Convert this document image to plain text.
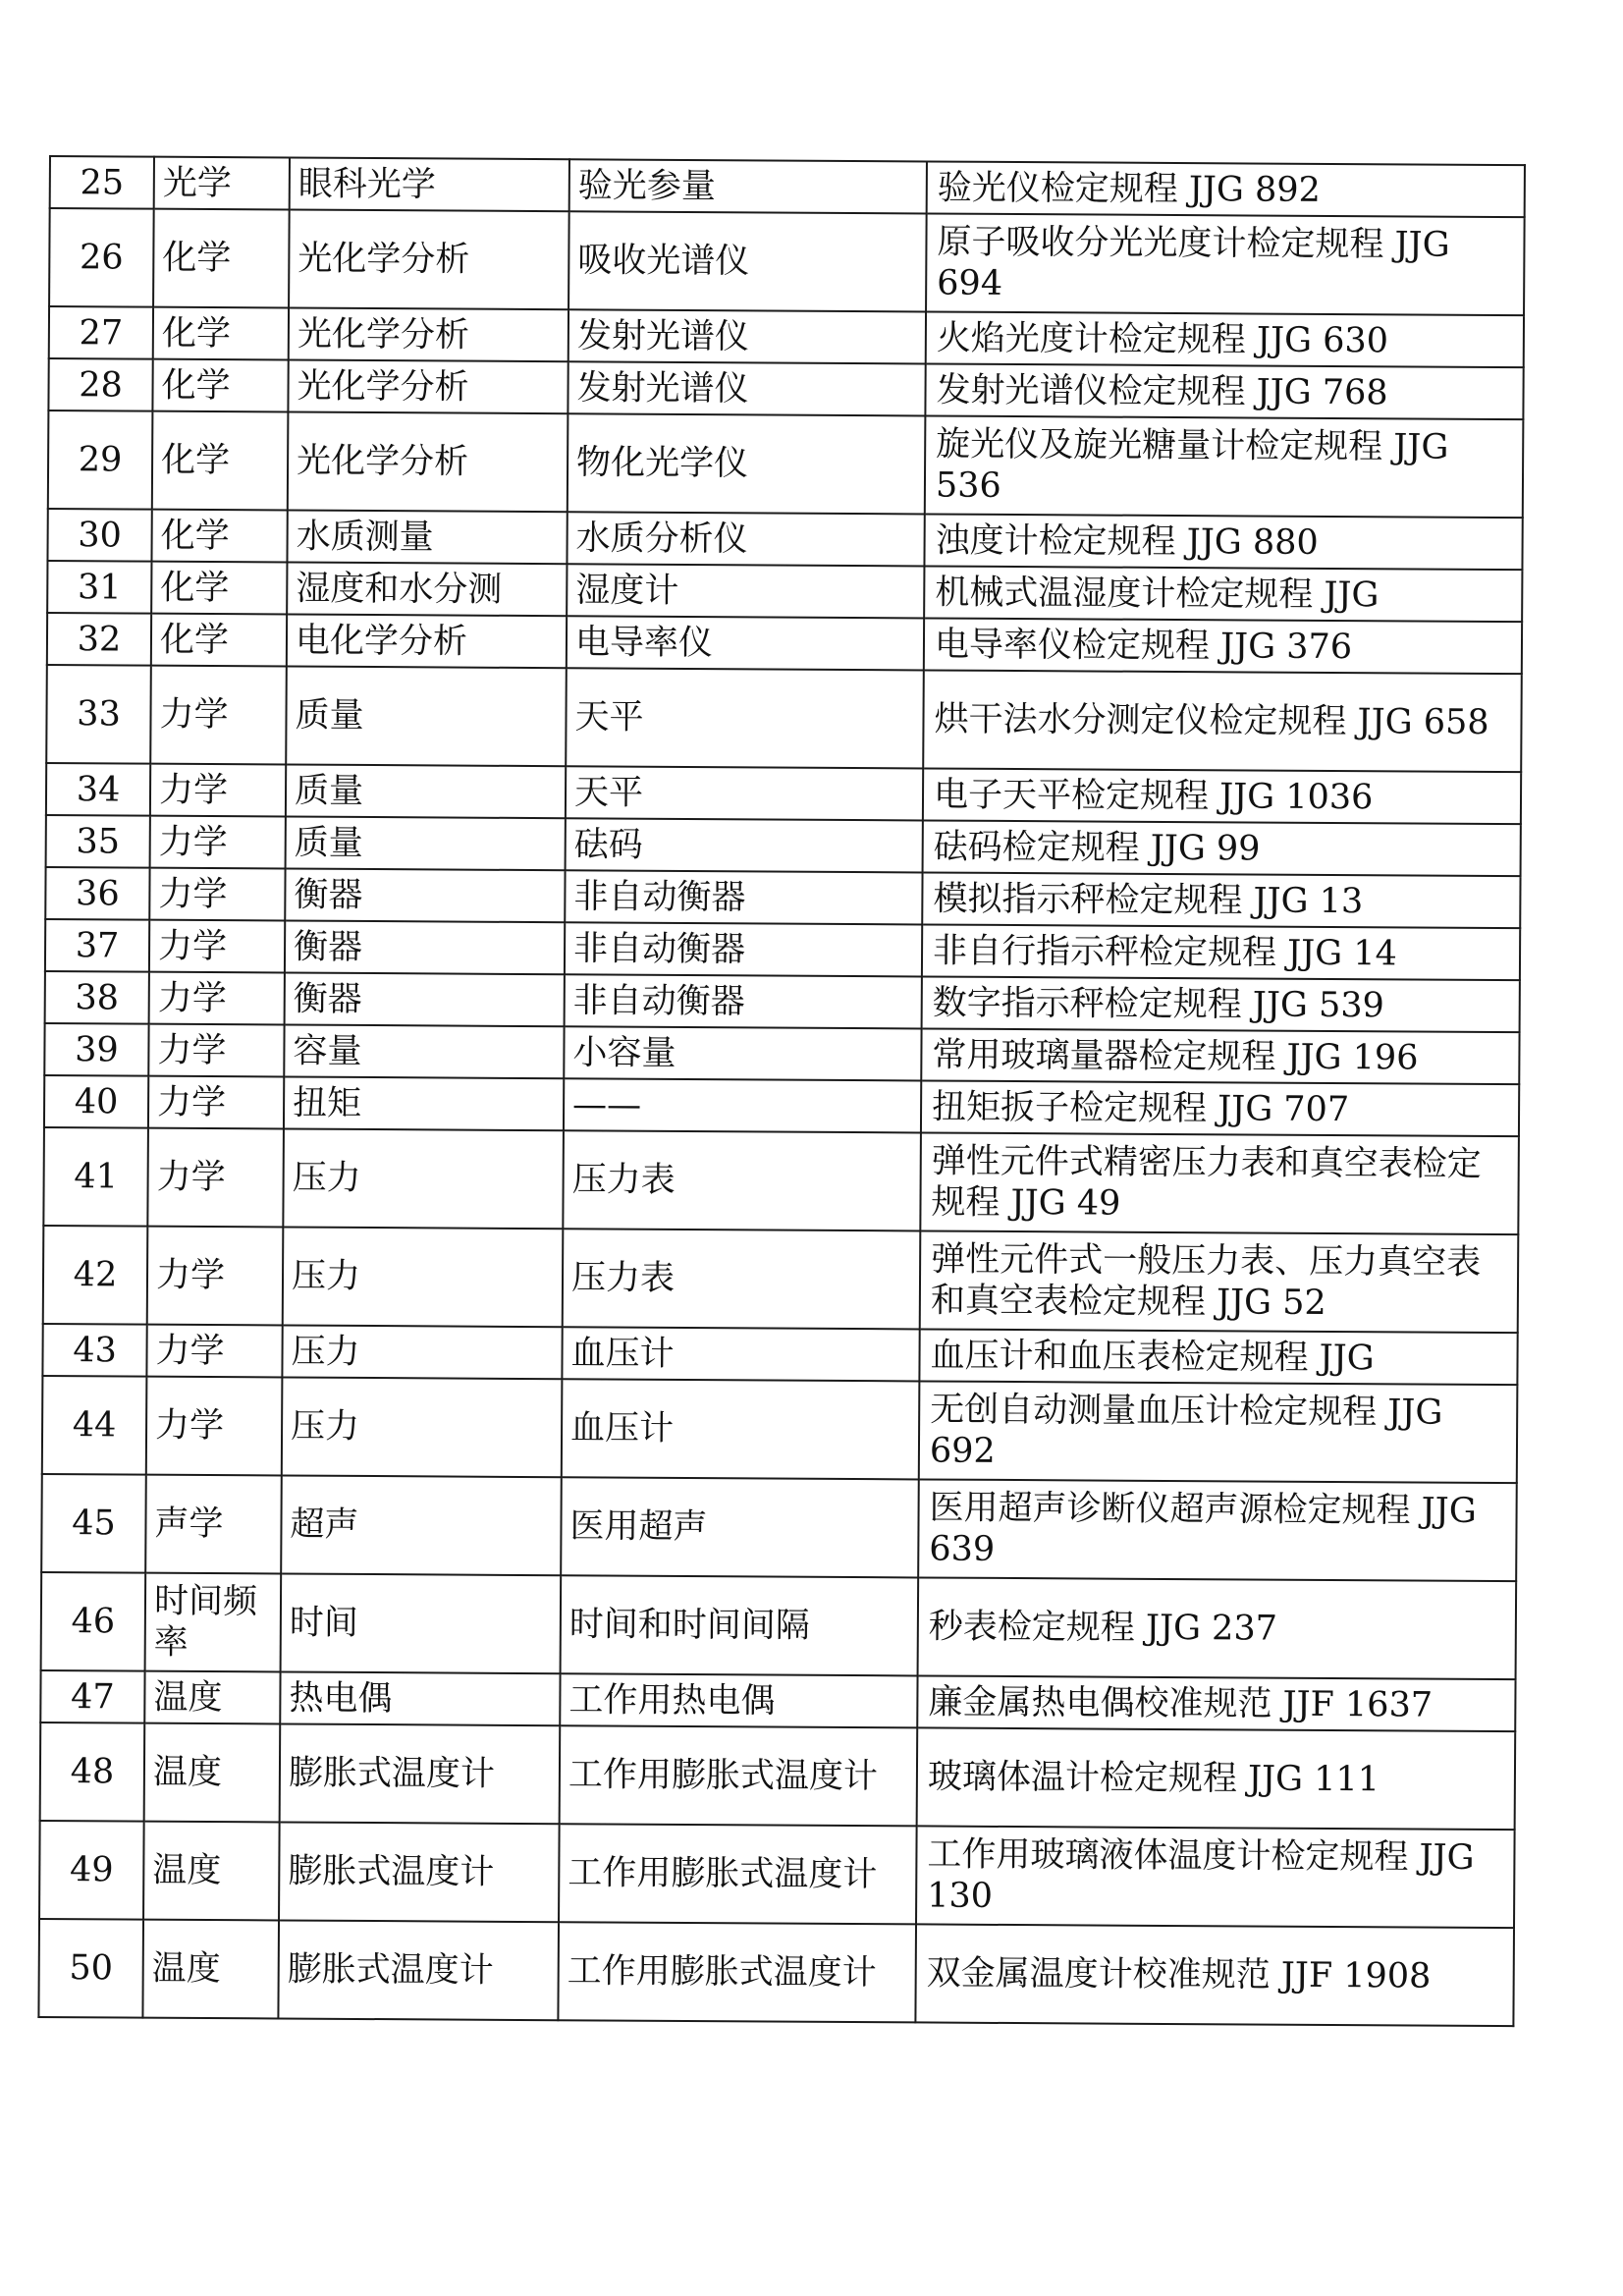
25	光学	眼科光学	验光参量	验光仪检定规程 JJG 892
26	化学	光化学分析	吸收光谱仪	原子吸收分光光度计检定规程 JJG 694
27	化学	光化学分析	发射光谱仪	火焰光度计检定规程 JJG 630
28	化学	光化学分析	发射光谱仪	发射光谱仪检定规程 JJG 768
29	化学	光化学分析	物化光学仪	旋光仪及旋光糖量计检定规程 JJG 536
30	化学	水质测量	水质分析仪	浊度计检定规程 JJG 880
31	化学	湿度和水分测	湿度计	机械式温湿度计检定规程 JJG
32	化学	电化学分析	电导率仪	电导率仪检定规程 JJG 376
33	力学	质量	天平	烘干法水分测定仪检定规程 JJG 658
34	力学	质量	天平	电子天平检定规程 JJG 1036
35	力学	质量	砝码	砝码检定规程 JJG 99
36	力学	衡器	非自动衡器	模拟指示秤检定规程 JJG 13
37	力学	衡器	非自动衡器	非自行指示秤检定规程 JJG 14
38	力学	衡器	非自动衡器	数字指示秤检定规程 JJG 539
39	力学	容量	小容量	常用玻璃量器检定规程 JJG 196
40	力学	扭矩	——	扭矩扳子检定规程 JJG 707
41	力学	压力	压力表	弹性元件式精密压力表和真空表检定规程 JJG 49
42	力学	压力	压力表	弹性元件式一般压力表、压力真空表和真空表检定规程 JJG 52
43	力学	压力	血压计	血压计和血压表检定规程 JJG
44	力学	压力	血压计	无创自动测量血压计检定规程 JJG 692
45	声学	超声	医用超声	医用超声诊断仪超声源检定规程 JJG 639
46	时间频率	时间	时间和时间间隔	秒表检定规程 JJG 237
47	温度	热电偶	工作用热电偶	廉金属热电偶校准规范 JJF 1637
48	温度	膨胀式温度计	工作用膨胀式温度计	玻璃体温计检定规程 JJG 111
49	温度	膨胀式温度计	工作用膨胀式温度计	工作用玻璃液体温度计检定规程 JJG 130
50	温度	膨胀式温度计	工作用膨胀式温度计	双金属温度计校准规范 JJF 1908
